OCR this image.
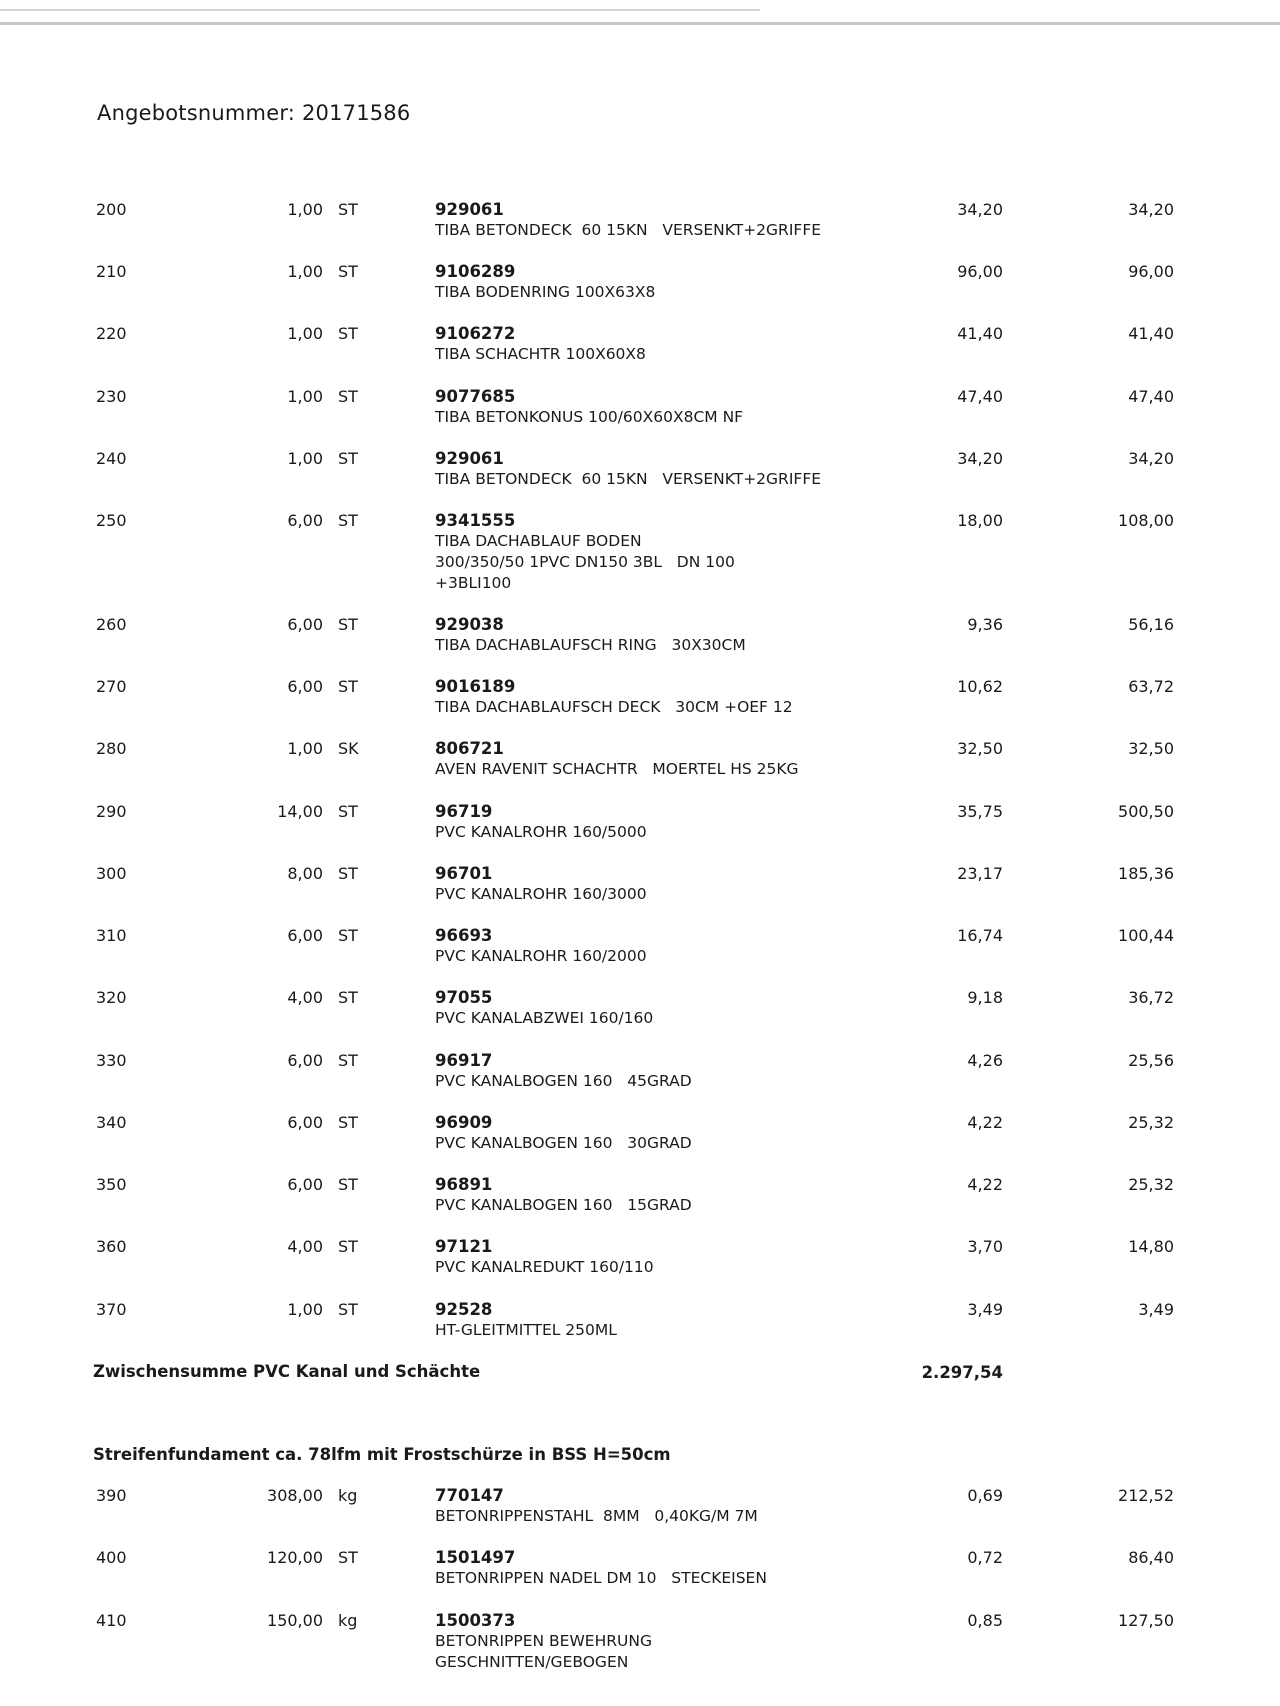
Angebotsnummer: 20171586
200	1,00 ST	929061	34,20	34,20
TIBA BETONDECK  60 15KN   VERSENKT+2GRIFFE
210	1,00 ST	9106289	96,00	96,00
TIBA BODENRING 100X63X8
220	1,00 ST	9106272	41,40	41,40
TIBA SCHACHTR 100X60X8
230	1,00 ST	9077685	47,40	47,40
TIBA BETONKONUS 100/60X60X8CM NF
240	1,00 ST	929061	34,20	34,20
TIBA BETONDECK  60 15KN   VERSENKT+2GRIFFE
250	6,00 ST	9341555	18,00	108,00
TIBA DACHABLAUF BODEN
300/350/50 1PVC DN150 3BL   DN 100
+3BLI100
260	6,00 ST	929038	9,36	56,16
TIBA DACHABLAUFSCH RING   30X30CM
270	6,00 ST	9016189	10,62	63,72
TIBA DACHABLAUFSCH DECK   30CM +OEF 12
280	1,00 SK	806721	32,50	32,50
AVEN RAVENIT SCHACHTR   MOERTEL HS 25KG
290	14,00 ST	96719	35,75	500,50
PVC KANALROHR 160/5000
300	8,00 ST	96701	23,17	185,36
PVC KANALROHR 160/3000
310	6,00 ST	96693	16,74	100,44
PVC KANALROHR 160/2000
320	4,00 ST	97055	9,18	36,72
PVC KANALABZWEI 160/160
330	6,00 ST	96917	4,26	25,56
PVC KANALBOGEN 160   45GRAD
340	6,00 ST	96909	4,22	25,32
PVC KANALBOGEN 160   30GRAD
350	6,00 ST	96891	4,22	25,32
PVC KANALBOGEN 160   15GRAD
360	4,00 ST	97121	3,70	14,80
PVC KANALREDUKT 160/110
370	1,00 ST	92528	3,49	3,49
HT-GLEITMITTEL 250ML
Zwischensumme PVC Kanal und Schächte	2.297,54
Streifenfundament ca. 78lfm mit Frostschürze in BSS H=50cm
390	308,00 kg	770147	0,69	212,52
BETONRIPPENSTAHL  8MM   0,40KG/M 7M
400	120,00 ST	1501497	0,72	86,40
BETONRIPPEN NADEL DM 10   STECKEISEN
410	150,00 kg	1500373	0,85	127,50
BETONRIPPEN BEWEHRUNG
GESCHNITTEN/GEBOGEN
